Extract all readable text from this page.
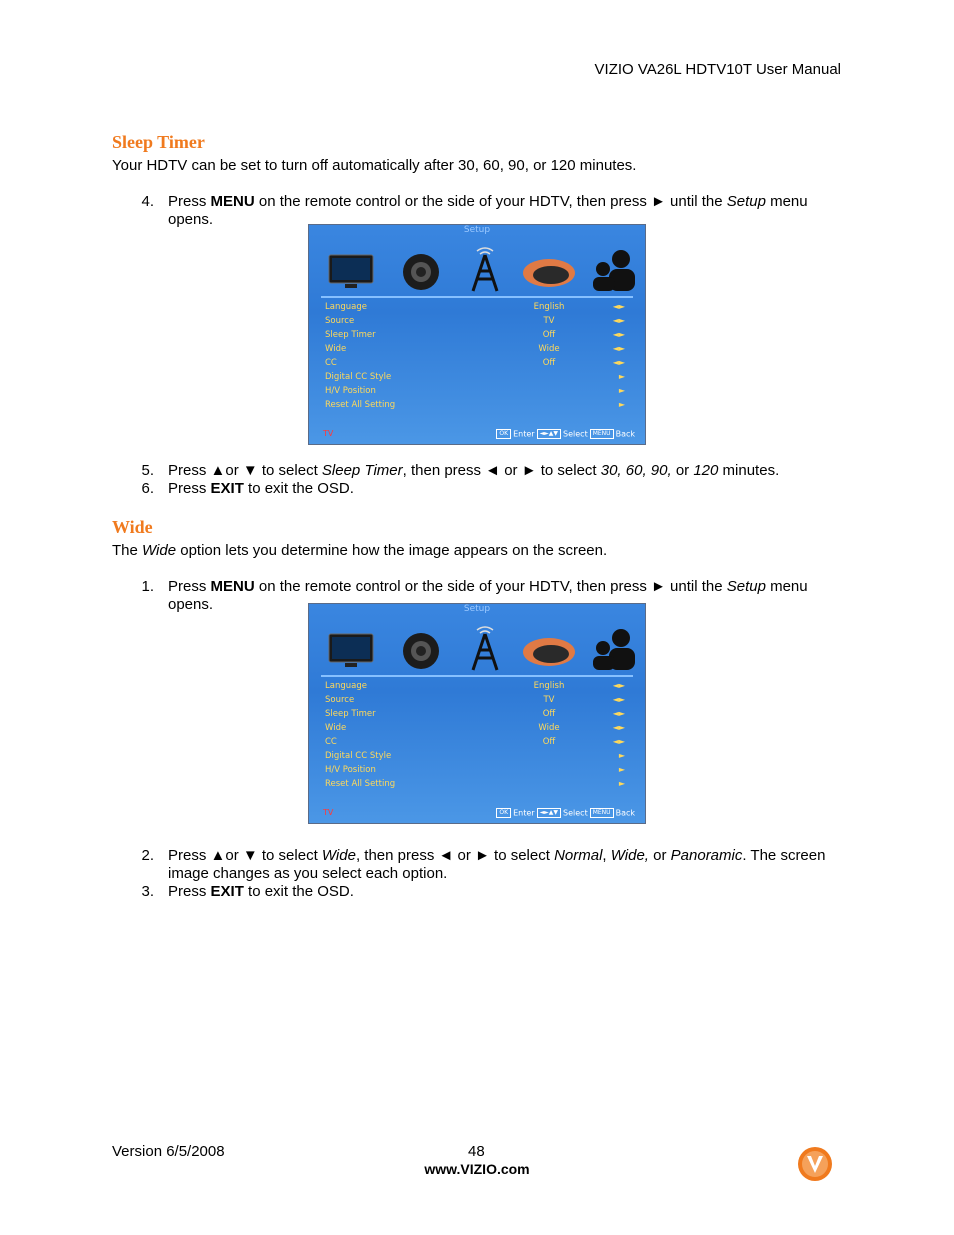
VIZIO VA26L HDTV10T User Manual
Sleep Timer
Your HDTV can be set to turn off automatically after 30, 60, 90, or 120 minutes.
4. Press MENU on the remote control or the side of your HDTV, then press ► until the Setup menu opens.
Setup
Language	English	◄►
Source	TV	◄►
Sleep Timer	Off	◄►
Wide	Wide	◄►
CC	Off	◄►
Digital CC Style	►
H/V Position	►
Reset All Setting	►
TV	OK Enter ◄►▲▼ Select MENU Back
5. Press ▲or ▼ to select Sleep Timer, then press ◄ or ► to select 30, 60, 90, or 120 minutes.
6. Press EXIT to exit the OSD.
Wide
The Wide option lets you determine how the image appears on the screen.
1. Press MENU on the remote control or the side of your HDTV, then press ► until the Setup menu opens.	Setup
Language	English	◄►
Source	TV	◄►
Sleep Timer	Off	◄►
Wide	Wide	◄►
CC	Off	◄►
Digital CC Style	►
H/V Position	►
Reset All Setting	►
TV	OK Enter ◄►▲▼ Select MENU Back
2. Press ▲or ▼ to select Wide, then press ◄ or ► to select Normal, Wide, or Panoramic. The screen image changes as you select each option.
3. Press EXIT to exit the OSD.
Version 6/5/2008	48
www.VIZIO.com
